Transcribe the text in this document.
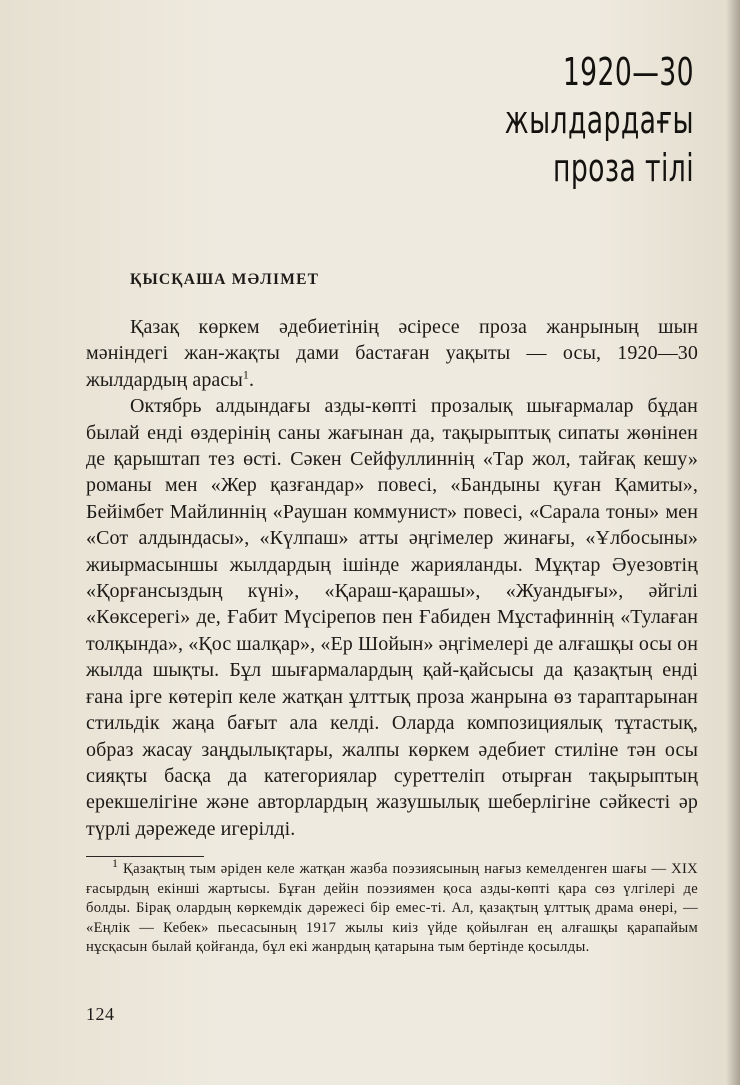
1920—30 жылдардағы
проза тілі
ҚЫСҚАША МӘЛІМЕТ

Қазақ көркем әдебиетінің әсіресе проза жанрының шын мәніндегі жан-жақты дами бастаған уақыты — осы, 1920—30 жылдардың арасы$^1$.

Октябрь алдындағы азды-көпті прозалық шығармалар бұдан былай енді өздерінің саны жағынан да, тақырыптық сипаты жөнінен де қарыштап тез өсті. Сәкен Сейфуллиннің «Тар жол, тайғақ кешу» романы мен «Жер қазғандар» повесі, «Бандыны қуған Қамиты», Бейімбет Майлиннің «Раушан коммунист» повесі, «Сарала тоны» мен «Сот алдындасы», «Күлпаш» атты әңгімелер жинағы, «Ұлбосыны» жиырмасыншы жылдардың ішінде жарияланды. Мұқтар Әуезовтің «Қорғансыздың күні», «Қараш-қарашы», «Жуандығы», әйгілі «Көксерегі» де, Ғабит Мүсірепов пен Ғабиден Мұстафиннің «Тулаған толқында», «Қос шалқар», «Ер Шойын» әңгімелері де алғашқы осы он жылда шықты. Бұл шығармалардың қай-қайсысы да қазақтың енді ғана іргe көтеріп келе жатқан ұлттық проза жанрына өз тараптарынан стильдік жаңа бағыт ала келді. Оларда композициялық тұтастық, образ жасау заңдылықтары, жалпы көркем әдебиет стиліне тән осы сияқты басқа да категориялар суреттеліп отырған тақырыптың ерекшелігіне және авторлардың жазушылық шеберлігіне сәйкесті әр түрлі дәрежеде игерілді.

$^1$ Қазақтың тым әріден келе жатқан жазба поэзиясының нағыз кемелденген шағы — XIX ғасырдың екінші жартысы. Бұған дейін поэзиямен қоса азды-көпті қара сөз үлгілері де болды. Бірақ олардың көркемдік дәрежесі бір емес-ті. Ал, қазақтың ұлттық драма өнері, — «Еңлік — Кебек» пьесасының 1917 жылы киіз үйде қойылған ең алғашқы қарапайым нұсқасын былай қойғанда, бұл екі жанрдың қатарына тым бертінде қосылды.

124
